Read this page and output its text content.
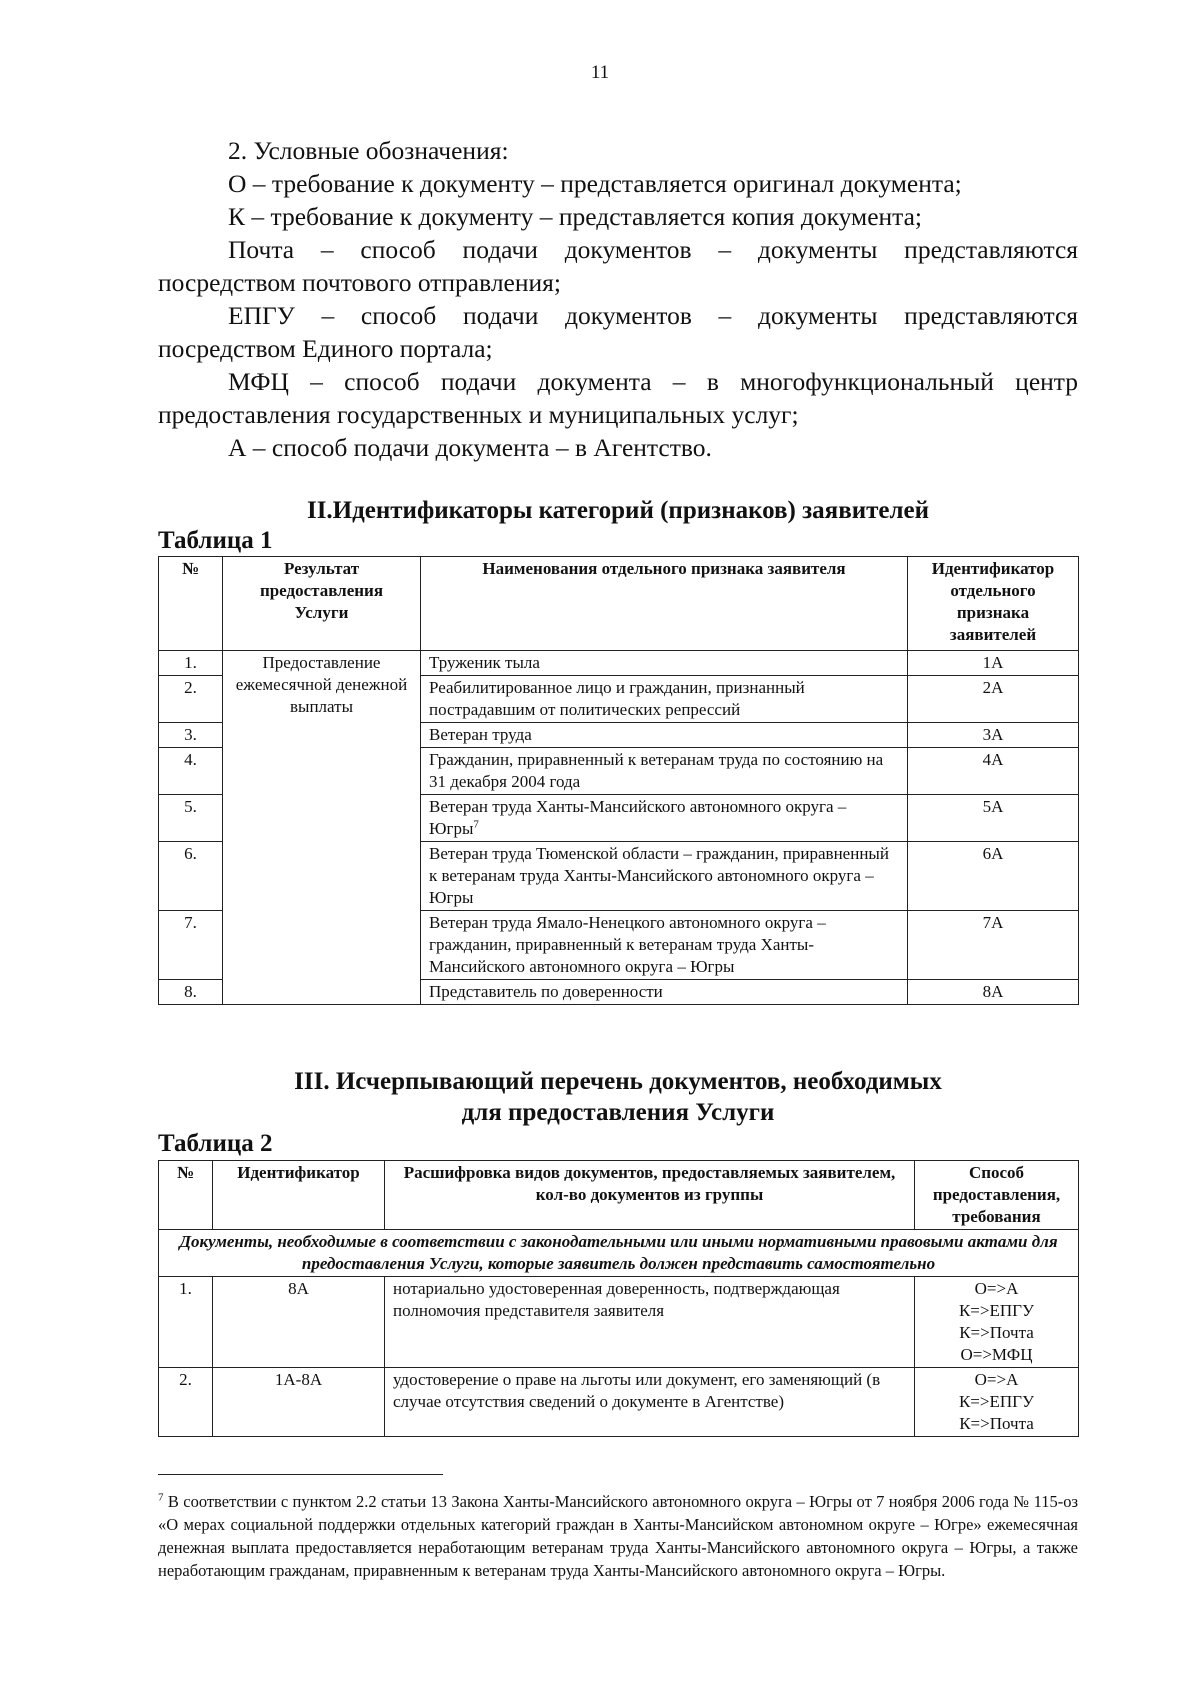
11

2. Условные обозначения:

О – требование к документу – представляется оригинал документа;

К – требование к документу – представляется копия документа;

Почта – способ подачи документов – документы представляются посредством почтового отправления;

ЕПГУ – способ подачи документов – документы представляются посредством Единого портала;

МФЦ – способ подачи документа – в многофункциональный центр предоставления государственных и муниципальных услуг;

А – способ подачи документа – в Агентство.

II.Идентификаторы категорий (признаков) заявителей
Таблица 1
№	Результат предоставления Услуги	Наименования отдельного признака заявителя	Идентификатор отдельного признака заявителей
1.	Предоставление ежемесячной денежной выплаты	Труженик тыла	1А
2.		Реабилитированное лицо и гражданин, признанный пострадавшим от политических репрессий	2А
3.		Ветеран труда	3А
4.		Гражданин, приравненный к ветеранам труда по состоянию на 31 декабря 2004 года	4А
5.		Ветеран труда Ханты-Мансийского автономного округа – Югры$^7$	5А
6.		Ветеран труда Тюменской области – гражданин, приравненный к ветеранам труда Ханты-Мансийского автономного округа – Югры	6А
7.		Ветеран труда Ямало-Ненецкого автономного округа – гражданин, приравненный к ветеранам труда Ханты-Мансийского автономного округа – Югры	7А
8.		Представитель по доверенности	8А
III. Исчерпывающий перечень документов, необходимых
для предоставления Услуги
Таблица 2
№	Идентификатор	Расшифровка видов документов, предоставляемых заявителем, кол-во документов из группы	Способ предоставления, требования
Документы, необходимые в соответствии с законодательными или иными нормативными правовыми актами для предоставления Услуги, которые заявитель должен представить самостоятельно			
1.	8А	нотариально удостоверенная доверенность, подтверждающая полномочия представителя заявителя	О=>А
К=>ЕПГУ
К=>Почта
О=>МФЦ

2.	1А-8А	удостоверение о праве на льготы или документ, его заменяющий (в случае отсутствия сведений о документе в Агентстве)	О=>А
К=>ЕПГУ
К=>Почта
$^7$ В соответствии с пунктом 2.2 статьи 13 Закона Ханты-Мансийского автономного округа – Югры от 7 ноября 2006 года № 115-оз «О мерах социальной поддержки отдельных категорий граждан в Ханты-Мансийском автономном округе – Югре» ежемесячная денежная выплата предоставляется неработающим ветеранам труда Ханты-Мансийского автономного округа – Югры, а также неработающим гражданам, приравненным к ветеранам труда Ханты-Мансийского автономного округа – Югры.
